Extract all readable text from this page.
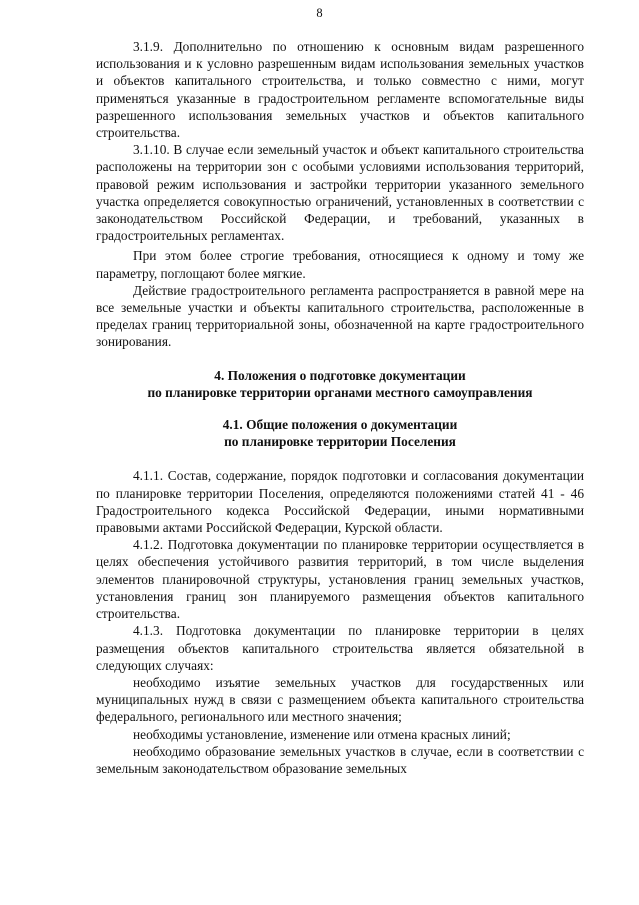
8

3.1.9. Дополнительно по отношению к основным видам разрешенного использования и к условно разрешенным видам использования земельных участков и объектов капитального строительства, и только совместно с ними, могут применяться указанные в градостроительном регламенте вспомогательные виды разрешенного использования земельных участков и объектов капитального строительства.

3.1.10. В случае если земельный участок и объект капитального строительства расположены на территории зон с особыми условиями использования территорий, правовой режим использования и застройки территории указанного земельного участка определяется совокупностью ограничений, установленных в соответствии с законодательством Российской Федерации, и требований, указанных в градостроительных регламентах.

При этом более строгие требования, относящиеся к одному и тому же параметру, поглощают более мягкие.

Действие градостроительного регламента распространяется в равной мере на все земельные участки и объекты капитального строительства, расположенные в пределах границ территориальной зоны, обозначенной на карте градостроительного зонирования.

4. Положения о подготовке документации
по планировке территории органами местного самоуправления
4.1. Общие положения о документации
по планировке территории Поселения

4.1.1. Состав, содержание, порядок подготовки и согласования документации по планировке территории Поселения, определяются положениями статей 41 - 46 Градостроительного кодекса Российской Федерации, иными нормативными правовыми актами Российской Федерации, Курской области.

4.1.2. Подготовка документации по планировке территории осуществляется в целях обеспечения устойчивого развития территорий, в том числе выделения элементов планировочной структуры, установления границ земельных участков, установления границ зон планируемого размещения объектов капитального строительства.

4.1.3. Подготовка документации по планировке территории в целях размещения объектов капитального строительства является обязательной в следующих случаях:

необходимо изъятие земельных участков для государственных или муниципальных нужд в связи с размещением объекта капитального строительства федерального, регионального или местного значения;

необходимы установление, изменение или отмена красных линий;

необходимо образование земельных участков в случае, если в соответствии с земельным законодательством образование земельных
